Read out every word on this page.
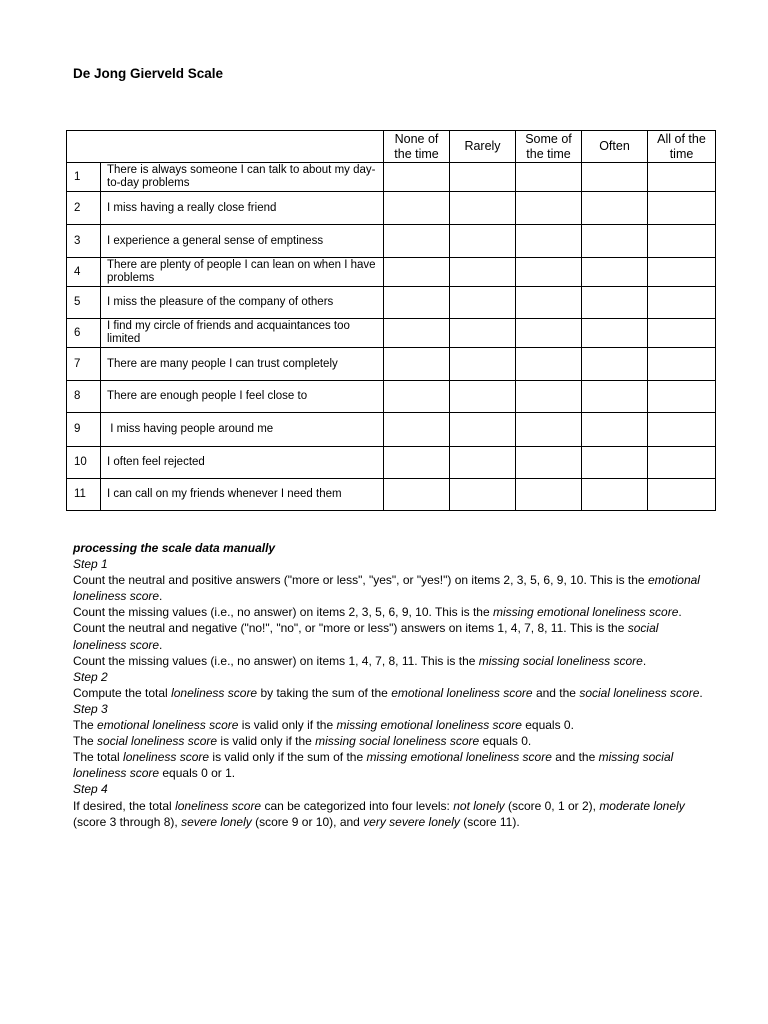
De Jong Gierveld Scale
		None of the time	Rarely	Some of the time	Often	All of the time
1	There is always someone I can talk to about my day-to-day problems					
2	I miss having a really close friend					
3	I experience a general sense of emptiness					
4	There are plenty of people I can lean on when I have problems					
5	I miss the pleasure of the company of others					
6	I find my circle of friends and acquaintances too limited					
7	There are many people I can trust completely					
8	There are enough people I feel close to					
9	I miss having people around me					
10	I often feel rejected					
11	I can call on my friends whenever I need them					

processing the scale data manually

Step 1

Count the neutral and positive answers ("more or less", "yes", or "yes!") on items 2, 3, 5, 6, 9, 10. This is the emotional loneliness score.

Count the missing values (i.e., no answer) on items 2, 3, 5, 6, 9, 10. This is the missing emotional loneliness score.

Count the neutral and negative ("no!", "no", or "more or less") answers on items 1, 4, 7, 8, 11. This is the social loneliness score.

Count the missing values (i.e., no answer) on items 1, 4, 7, 8, 11. This is the missing social loneliness score.

Step 2

Compute the total loneliness score by taking the sum of the emotional loneliness score and the social loneliness score.

Step 3

The emotional loneliness score is valid only if the missing emotional loneliness score equals 0.

The social loneliness score is valid only if the missing social loneliness score equals 0.

The total loneliness score is valid only if the sum of the missing emotional loneliness score and the missing social loneliness score equals 0 or 1.

Step 4

If desired, the total loneliness score can be categorized into four levels: not lonely (score 0, 1 or 2), moderate lonely (score 3 through 8), severe lonely (score 9 or 10), and very severe lonely (score 11).
